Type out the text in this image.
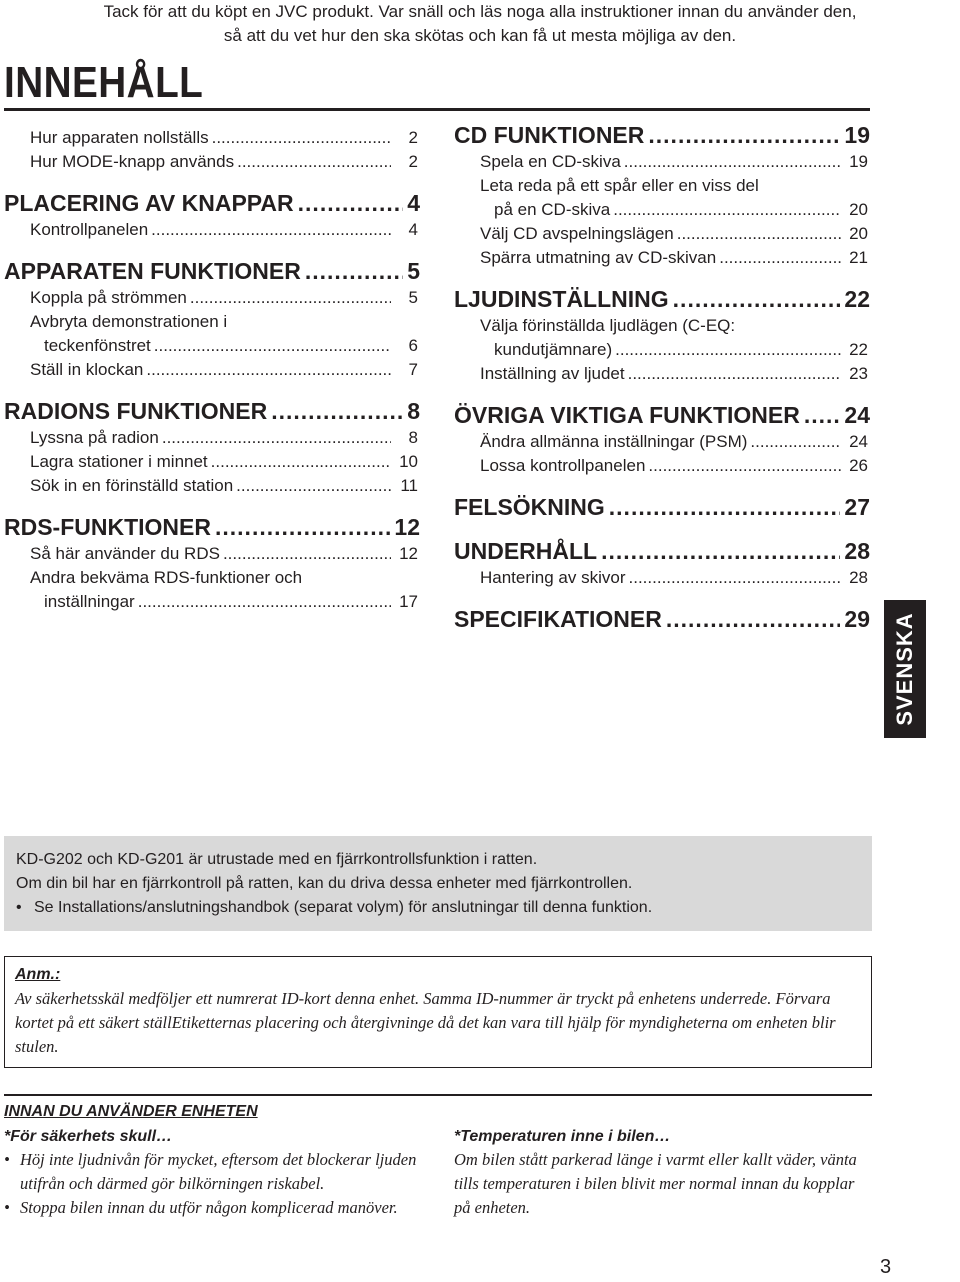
Tack för att du köpt en JVC produkt. Var snäll och läs noga alla instruktioner innan du använder den,
så att du vet hur den ska skötas och kan få ut mesta möjliga av den.
INNEHÅLL
Hur apparaten nollställs .....	2
Hur MODE-knapp används .....	2
PLACERING AV KNAPPAR .....	4
Kontrollpanelen .....	4
APPARATEN FUNKTIONER .....	5
Koppla på strömmen .....	5
Avbryta demonstrationen i
teckenfönstret .....	6
Ställ in klockan .....	7
RADIONS FUNKTIONER .....	8
Lyssna på radion .....	8
Lagra stationer i minnet .....	10
Sök in en förinställd station .....	11
RDS-FUNKTIONER .....	12
Så här använder du RDS .....	12
Andra bekväma RDS-funktioner och
inställningar .....	17
CD FUNKTIONER .....	19
Spela en CD-skiva .....	19
Leta reda på ett spår eller en viss del
på en CD-skiva .....	20
Välj CD avspelningslägen .....	20
Spärra utmatning av CD-skivan .....	21
LJUDINSTÄLLNING .....	22
Välja förinställda ljudlägen (C-EQ:
kundutjämnare) .....	22
Inställning av ljudet .....	23
ÖVRIGA VIKTIGA FUNKTIONER ..... 24
Ändra allmänna inställningar (PSM) .....	24
Lossa kontrollpanelen .....	26
FELSÖKNING .....	27
UNDERHÅLL .....	28
Hantering av skivor .....	28
SPECIFIKATIONER .....	29 SVENSKA
KD-G202 och KD-G201 är utrustade med en fjärrkontrollsfunktion i ratten.
Om din bil har en fjärrkontroll på ratten, kan du driva dessa enheter med fjärrkontrollen.
• Se Installations/anslutningshandbok (separat volym) för anslutningar till denna funktion.
Anm.:
Av säkerhetsskäl medföljer ett numrerat ID-kort denna enhet. Samma ID-nummer är tryckt på enhetens underrede. Förvara kortet på ett säkert ställEtiketternas placering och återgivninge då det kan vara till hjälp för myndigheterna om enheten blir stulen.
INNAN DU ANVÄNDER ENHETEN
*För säkerhets skull…
• Höj inte ljudnivån för mycket, eftersom det blockerar ljuden utifrån och därmed gör bilkörningen riskabel.
• Stoppa bilen innan du utför någon komplicerad manöver.
*Temperaturen inne i bilen…
Om bilen stått parkerad länge i varmt eller kallt väder, vänta tills temperaturen i bilen blivit mer normal innan du kopplar på enheten.
3
